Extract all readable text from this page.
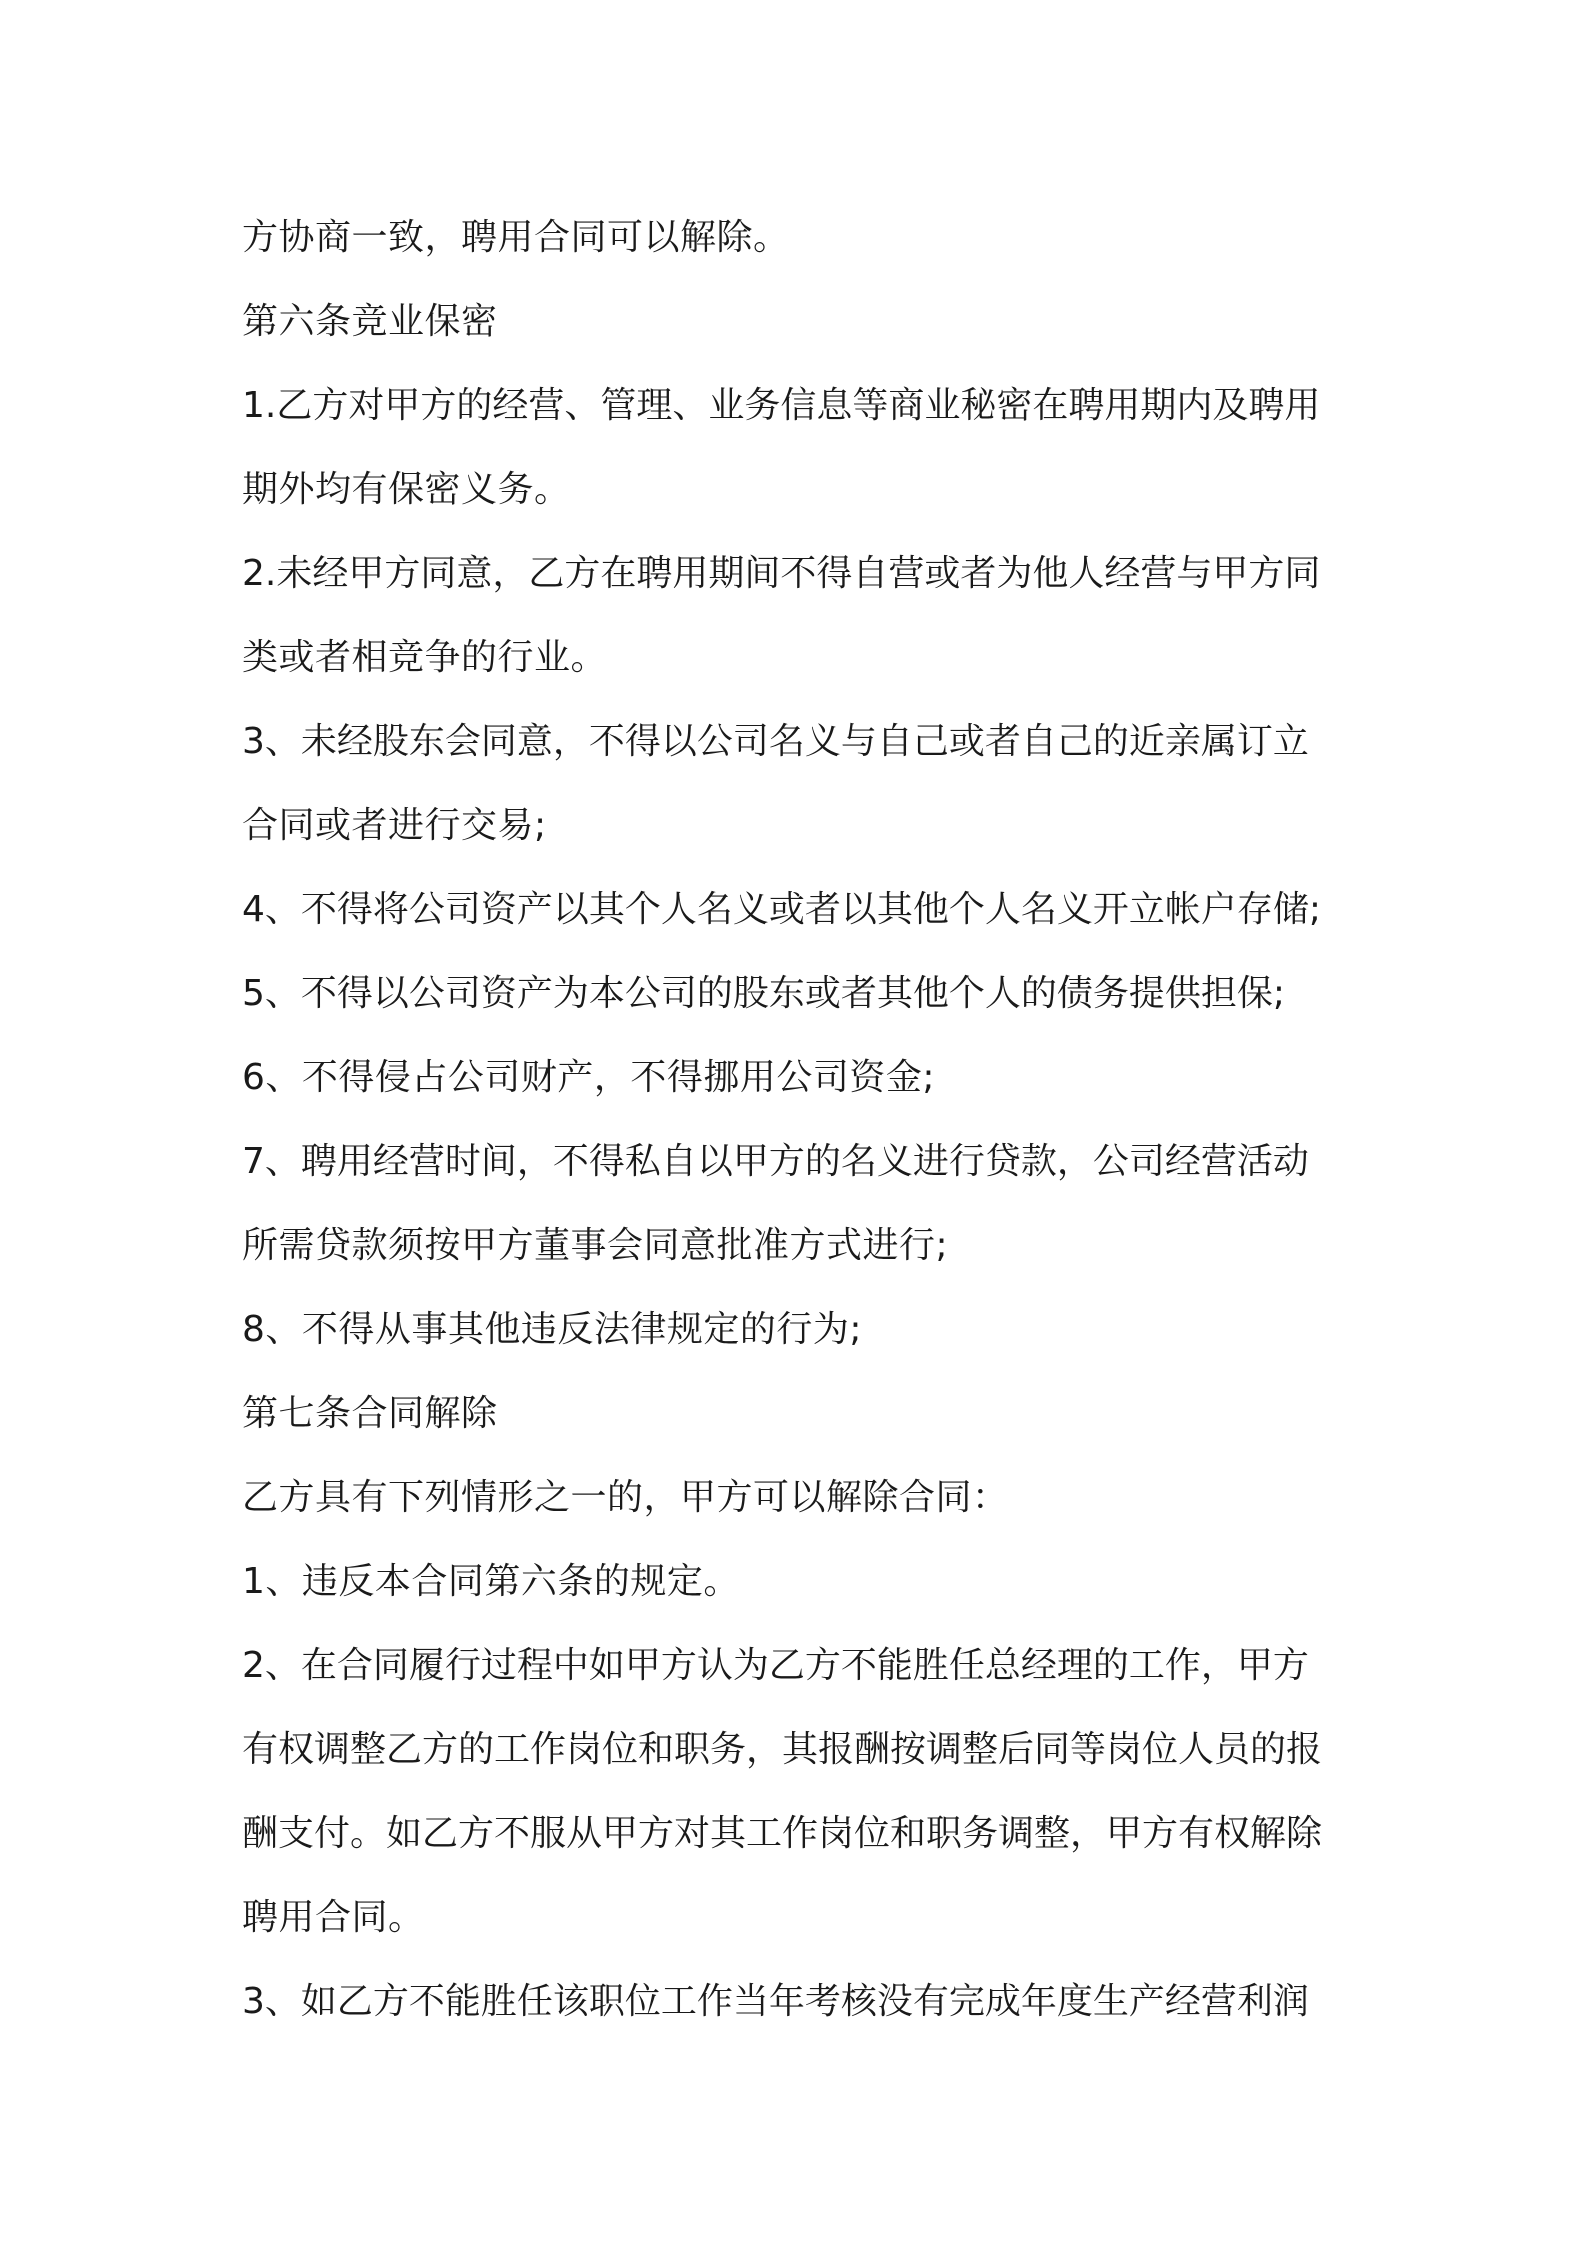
方协商一致，聘用合同可以解除。
第六条竞业保密
1.乙方对甲方的经营、管理、业务信息等商业秘密在聘用期内及聘用
期外均有保密义务。
2.未经甲方同意，乙方在聘用期间不得自营或者为他人经营与甲方同
类或者相竞争的行业。
3、未经股东会同意，不得以公司名义与自己或者自己的近亲属订立
合同或者进行交易;
4、不得将公司资产以其个人名义或者以其他个人名义开立帐户存储;
5、不得以公司资产为本公司的股东或者其他个人的债务提供担保;
6、不得侵占公司财产，不得挪用公司资金;
7、聘用经营时间，不得私自以甲方的名义进行贷款，公司经营活动
所需贷款须按甲方董事会同意批准方式进行;
8、不得从事其他违反法律规定的行为;
第七条合同解除
乙方具有下列情形之一的，甲方可以解除合同：
1、违反本合同第六条的规定。
2、在合同履行过程中如甲方认为乙方不能胜任总经理的工作，甲方
有权调整乙方的工作岗位和职务，其报酬按调整后同等岗位人员的报
酬支付。如乙方不服从甲方对其工作岗位和职务调整，甲方有权解除
聘用合同。
3、如乙方不能胜任该职位工作当年考核没有完成年度生产经营利润
